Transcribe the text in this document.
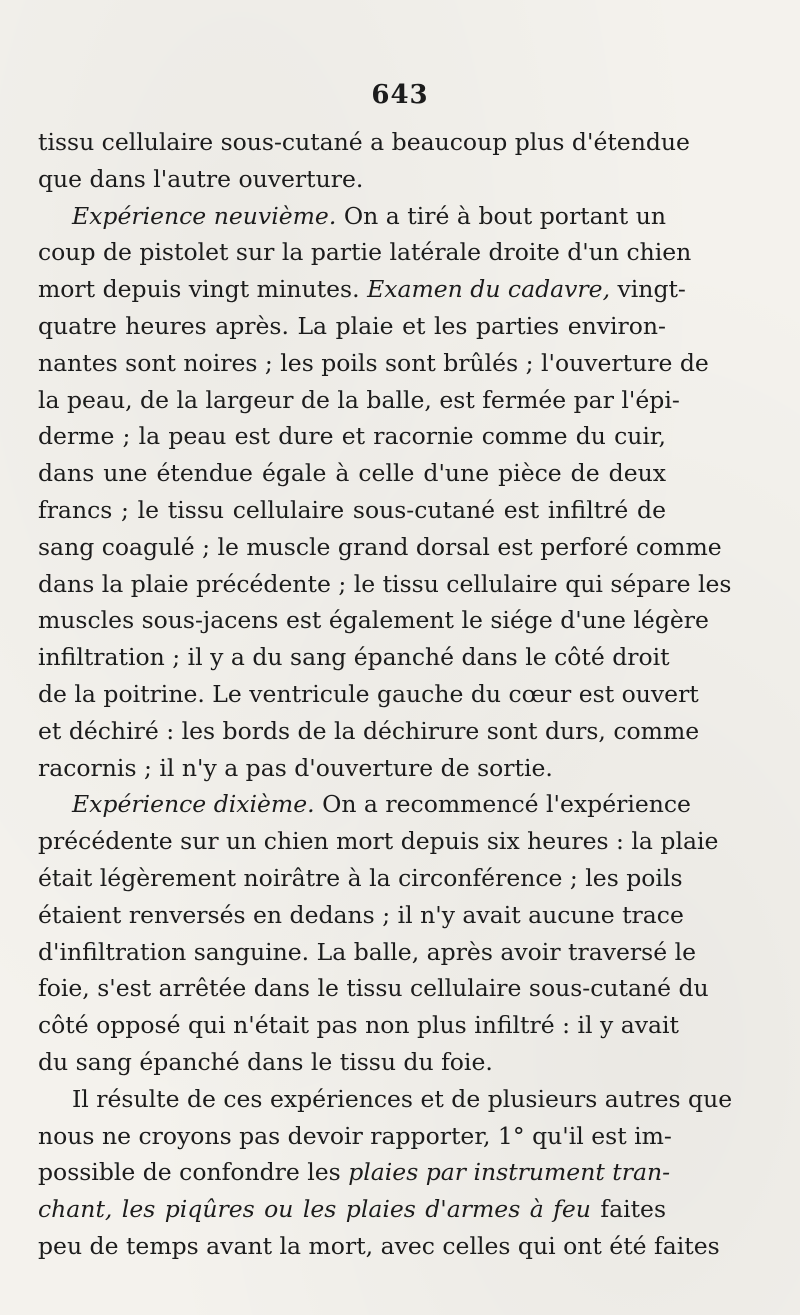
643
tissu cellulaire sous-cutané a beaucoup plus d'étendue
que dans l'autre ouverture.
Expérience neuvième. On a tiré à bout portant un
coup de pistolet sur la partie latérale droite d'un chien
mort depuis vingt minutes. Examen du cadavre, vingt-
quatre heures après. La plaie et les parties environ-
nantes sont noires ; les poils sont brûlés ; l'ouverture de
la peau, de la largeur de la balle, est fermée par l'épi-
derme ; la peau est dure et racornie comme du cuir,
dans une étendue égale à celle d'une pièce de deux
francs ; le tissu cellulaire sous-cutané est infiltré de
sang coagulé ; le muscle grand dorsal est perforé comme
dans la plaie précédente ; le tissu cellulaire qui sépare les
muscles sous-jacens est également le siége d'une légère
infiltration ; il y a du sang épanché dans le côté droit
de la poitrine. Le ventricule gauche du cœur est ouvert
et déchiré : les bords de la déchirure sont durs, comme
racornis ; il n'y a pas d'ouverture de sortie.
Expérience dixième. On a recommencé l'expérience
précédente sur un chien mort depuis six heures : la plaie
était légèrement noirâtre à la circonférence ; les poils
étaient renversés en dedans ; il n'y avait aucune trace
d'infiltration sanguine. La balle, après avoir traversé le
foie, s'est arrêtée dans le tissu cellulaire sous-cutané du
côté opposé qui n'était pas non plus infiltré : il y avait
du sang épanché dans le tissu du foie.
Il résulte de ces expériences et de plusieurs autres que
nous ne croyons pas devoir rapporter, 1° qu'il est im-
possible de confondre les plaies par instrument tran-
chant, les piqûres ou les plaies d'armes à feu faites
peu de temps avant la mort, avec celles qui ont été faites
